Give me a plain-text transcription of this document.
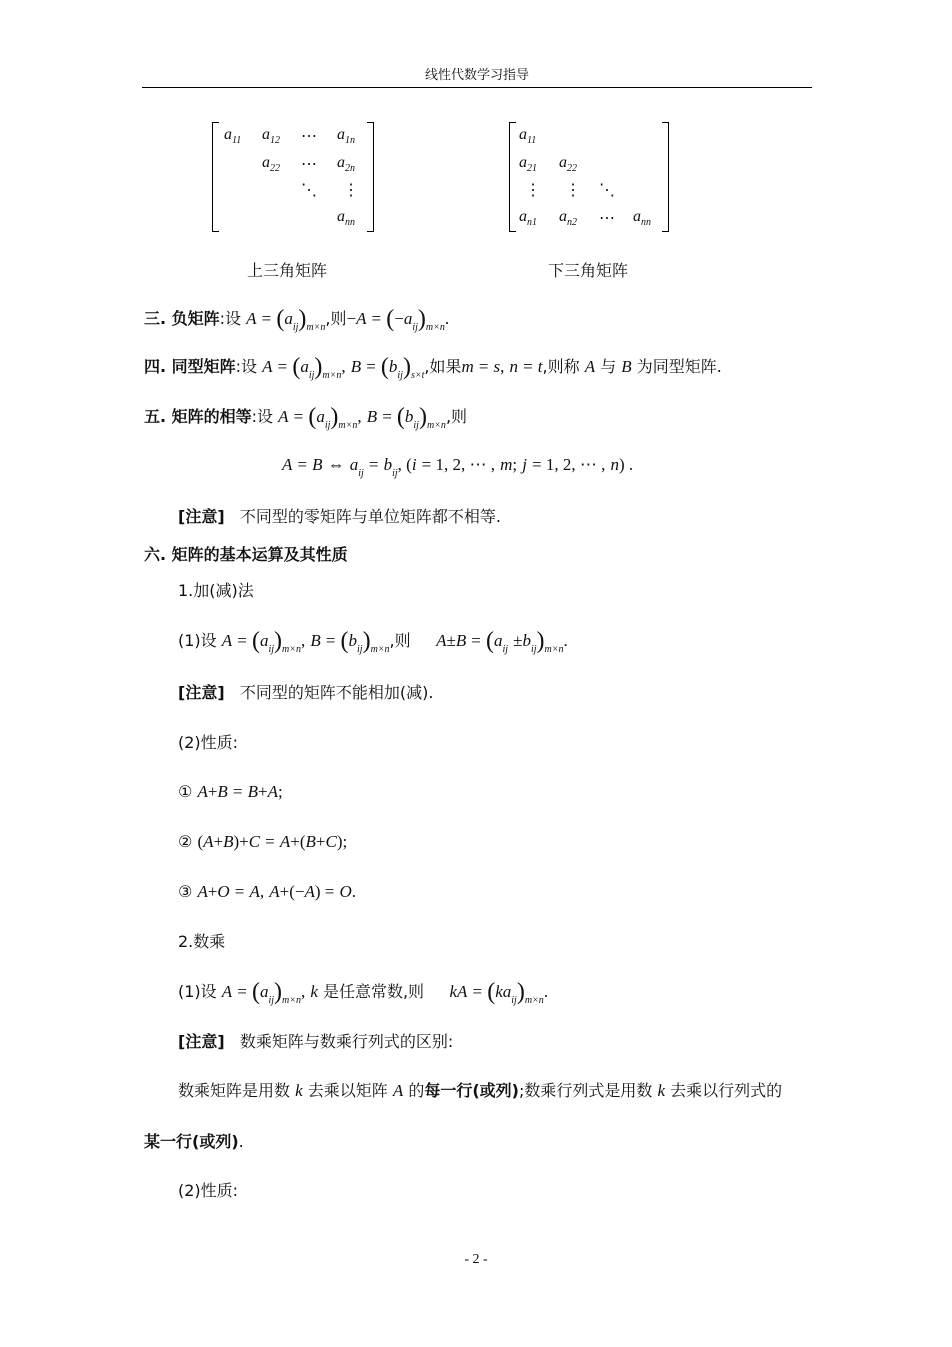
线性代数学习指导
$a_{11}$ $a_{12}$ ⋯ $a_{1n}$
$a_{22}$ ⋯ $a_{2n}$
⋱ ⋮
$a_{nn}$
上三角矩阵
$a_{11}$
$a_{21}$ $a_{22}$
⋮ ⋮ ⋱
$a_{n1}$ $a_{n2}$ ⋯ $a_{nn}$
下三角矩阵
三. 负矩阵:设 $A = (a_{ij})_{m\times n}$,则$-A = (-a_{ij})_{m\times n}$.
四. 同型矩阵:设 $A = (a_{ij})_{m\times n}$, $B = (b_{ij})_{s\times t}$,如果m = s, n = t,则称 A 与 B 为同型矩阵.
五. 矩阵的相等:设 $A = (a_{ij})_{m\times n}$, $B = (b_{ij})_{m\times n}$,则
A = B ⇔ $a_{ij} = b_{ij}$, (i = 1, 2, ⋯ , m; j = 1, 2, ⋯ , n) .
[注意] 不同型的零矩阵与单位矩阵都不相等.
六. 矩阵的基本运算及其性质
1.加(减)法
(1)设 $A = (a_{ij})_{m\times n}$, $B = (b_{ij})_{m\times n}$,则 $A\pm B = (a_{ij} \pm b_{ij})_{m\times n}$.
[注意] 不同型的矩阵不能相加(减).
(2)性质:
① A+B = B+A;
② (A+B)+C = A+(B+C);
③ A+O = A, A+(−A) = O.
2.数乘
(1)设 $A = (a_{ij})_{m\times n}$, k 是任意常数,则 kA = $(ka_{ij})_{m\times n}$.
[注意] 数乘矩阵与数乘行列式的区别:
数乘矩阵是用数 k 去乘以矩阵 A 的每一行(或列);数乘行列式是用数 k 去乘以行列式的
某一行(或列).
(2)性质:
- 2 -
